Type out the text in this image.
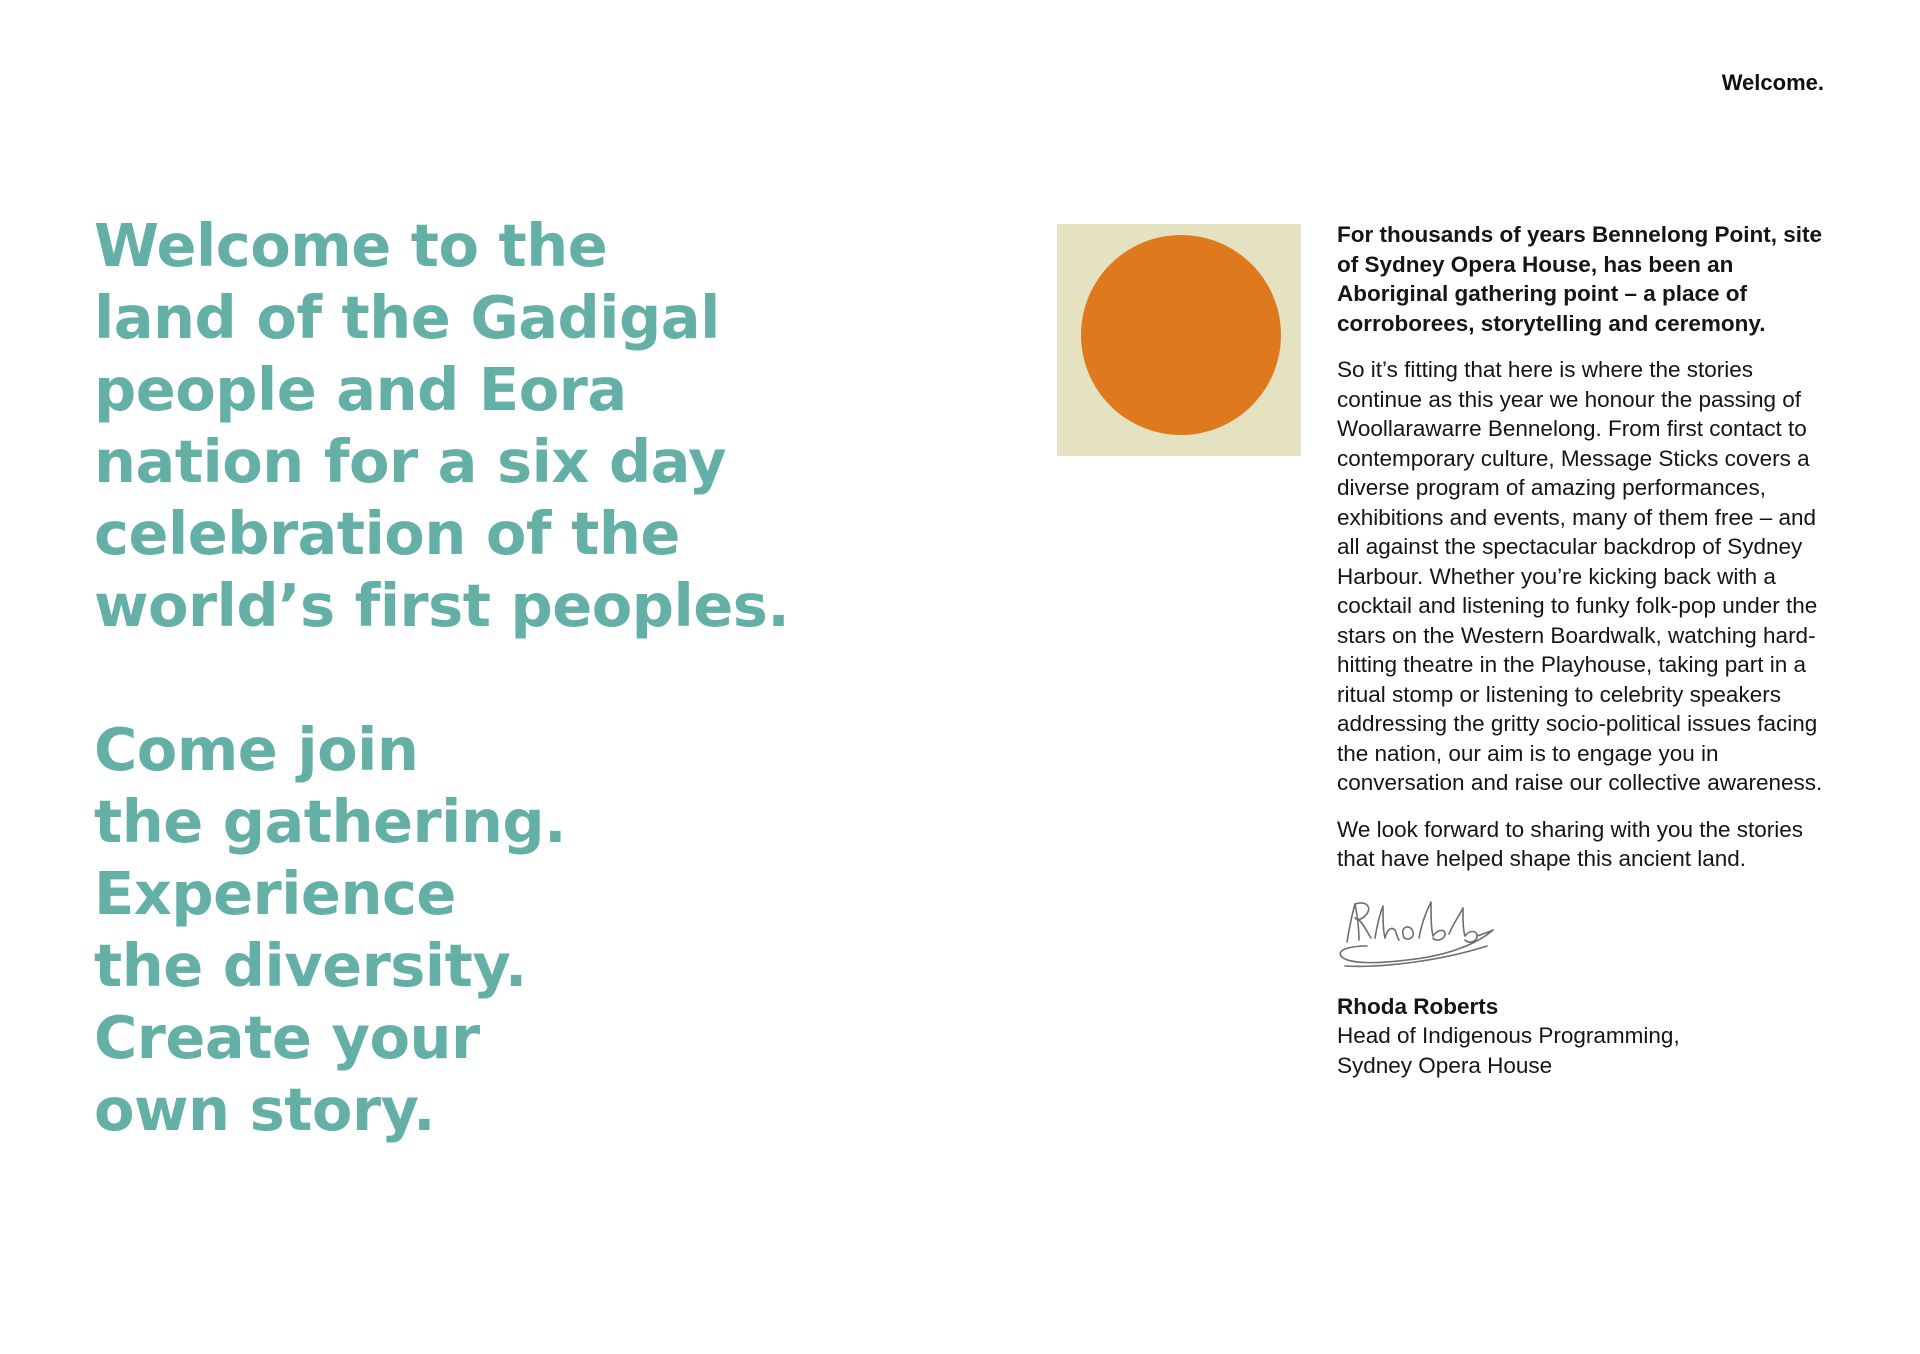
Welcome.
Welcome to the
land of the Gadigal
people and Eora
nation for a six day
celebration of the
world’s first peoples.
Come join
the gathering.
Experience
the diversity.
Create your
own story.

For thousands of years Bennelong Point, site of Sydney Opera House, has been an Aboriginal gathering point – a place of corroborees, storytelling and ceremony.

So it’s fitting that here is where the stories continue as this year we honour the passing of Woollarawarre Bennelong. From first contact to contemporary culture, Message Sticks covers a diverse program of amazing performances, exhibitions and events, many of them free – and all against the spectacular backdrop of Sydney Harbour. Whether you’re kicking back with a cocktail and listening to funky folk-pop under the stars on the Western Boardwalk, watching hard-hitting theatre in the Playhouse, taking part in a ritual stomp or listening to celebrity speakers addressing the gritty socio-political issues facing the nation, our aim is to engage you in conversation and raise our collective awareness.

We look forward to sharing with you the stories that have helped shape this ancient land.

Rhoda Roberts
Head of Indigenous Programming,
Sydney Opera House
